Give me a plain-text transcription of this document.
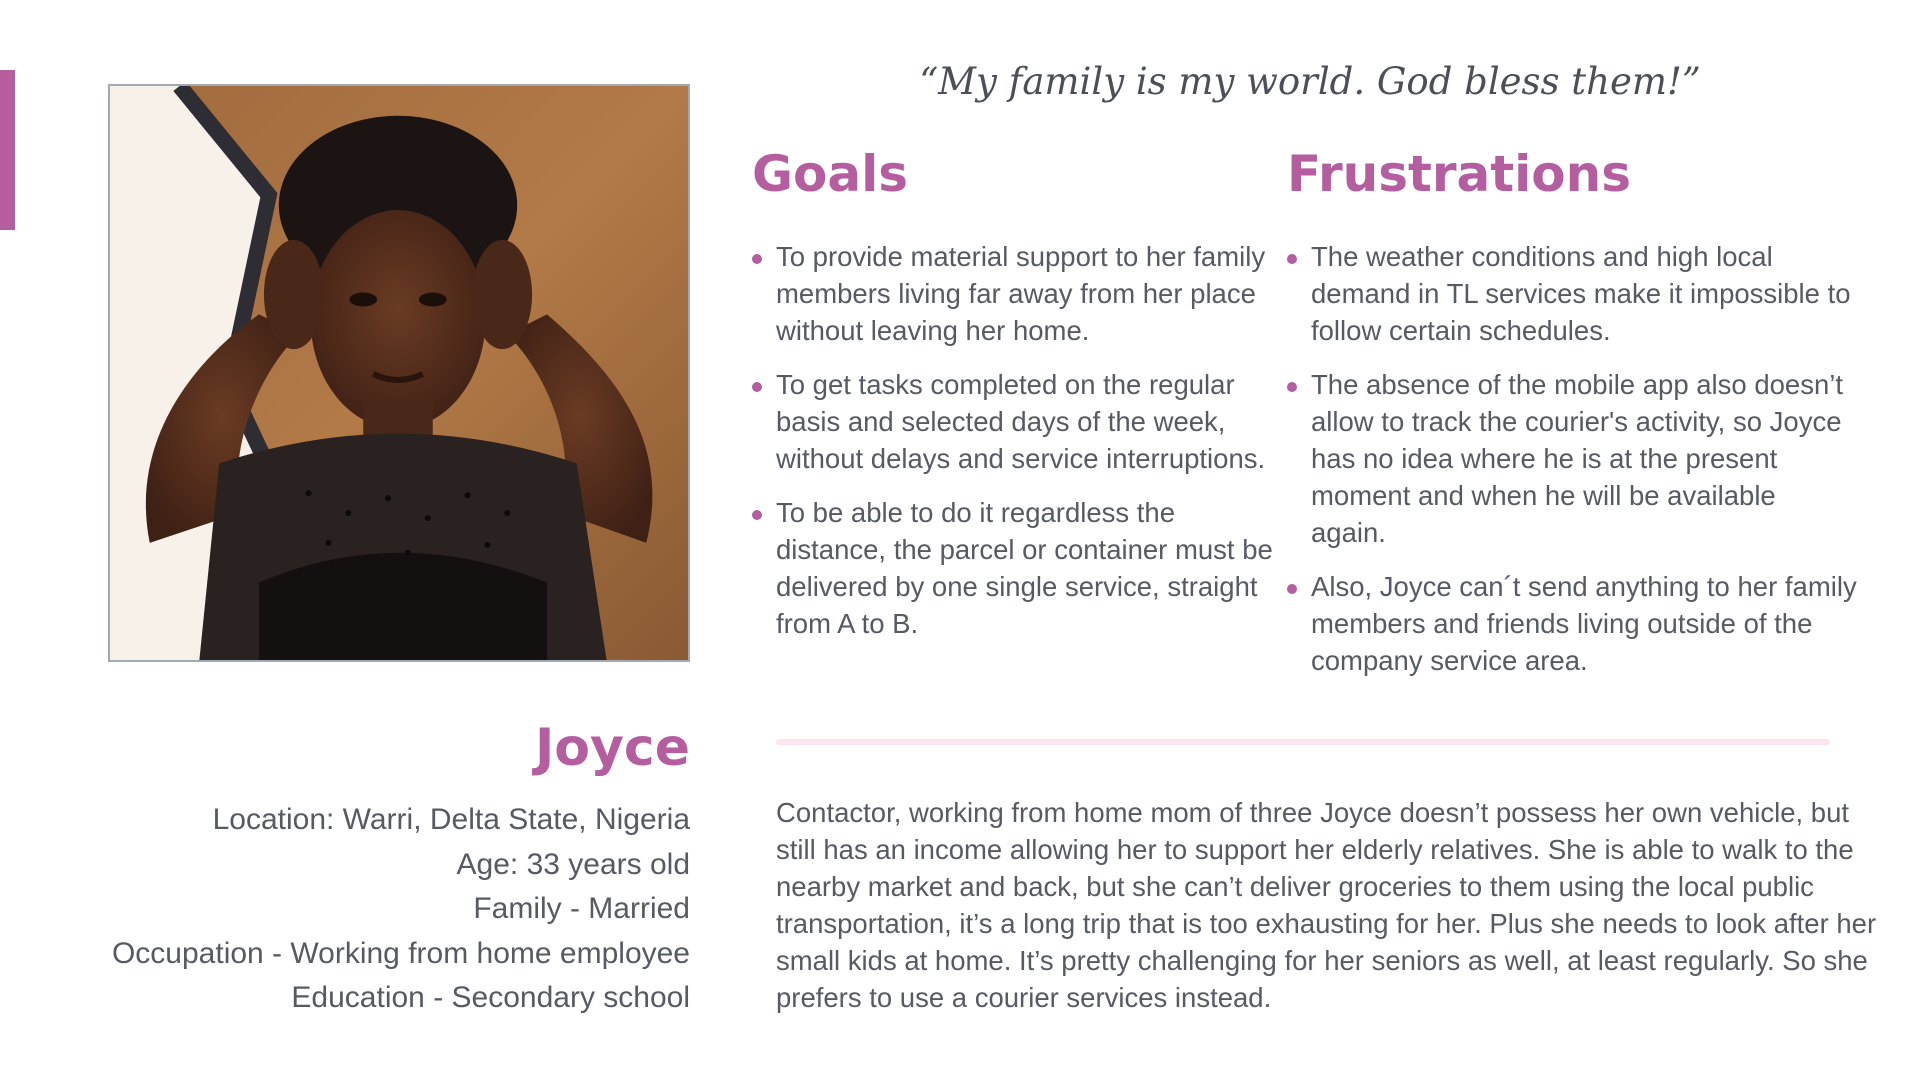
“My family is my world. God bless them!”
Goals
To provide material support to her family members living far away from her place without leaving her home.
To get tasks completed on the regular basis and selected days of the week, without delays and service interruptions.
To be able to do it regardless the distance, the parcel or container must be delivered by one single service, straight from A to B.
Frustrations
The weather conditions and high local demand in TL services make it impossible to follow certain schedules.
The absence of the mobile app also doesn’t allow to track the courier's activity, so Joyce has no idea where he is at the present moment and when he will be available again.
Also, Joyce can´t send anything to her family members and friends living outside of the company service area.
Joyce
Location: Warri, Delta State, Nigeria
Age: 33 years old
Family - Married
Occupation - Working from home employee
Education - Secondary school

Contactor, working from home mom of three Joyce doesn’t possess her own vehicle, but still has an income allowing her to support her elderly relatives. She is able to walk to the nearby market and back, but she can’t deliver groceries to them using the local public transportation, it’s a long trip that is too exhausting for her. Plus she needs to look after her small kids at home. It’s pretty challenging for her seniors as well, at least regularly. So she prefers to use a courier services instead.
